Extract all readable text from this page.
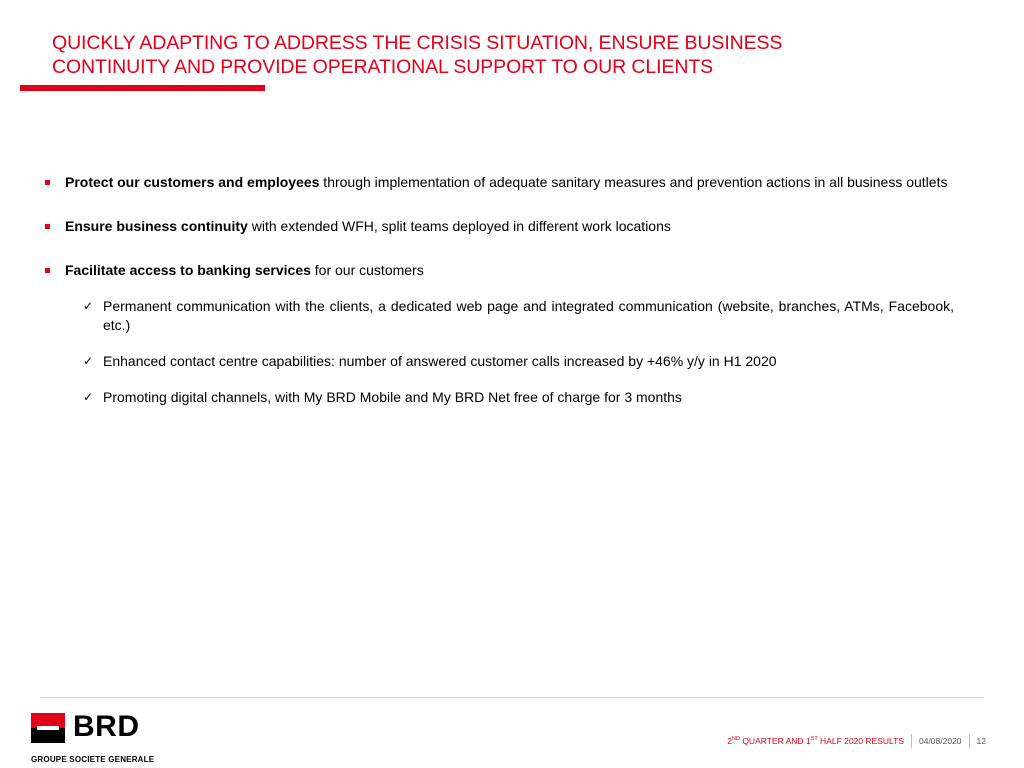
QUICKLY ADAPTING TO ADDRESS THE CRISIS SITUATION, ENSURE BUSINESS
CONTINUITY AND PROVIDE OPERATIONAL SUPPORT TO OUR CLIENTS
Protect our customers and employees through implementation of adequate sanitary measures and prevention actions in all business outlets
Ensure business continuity with extended WFH, split teams deployed in different work locations
Facilitate access to banking services for our customers
✓ Permanent communication with the clients, a dedicated web page and integrated communication (website, branches, ATMs, Facebook, etc.)
✓ Enhanced contact centre capabilities: number of answered customer calls increased by +46% y/y in H1 2020
✓ Promoting digital channels, with My BRD Mobile and My BRD Net free of charge for 3 months
BRD
GROUPE SOCIETE GENERALE
2ND QUARTER AND 1ST HALF 2020 RESULTS 04/08/2020 12
